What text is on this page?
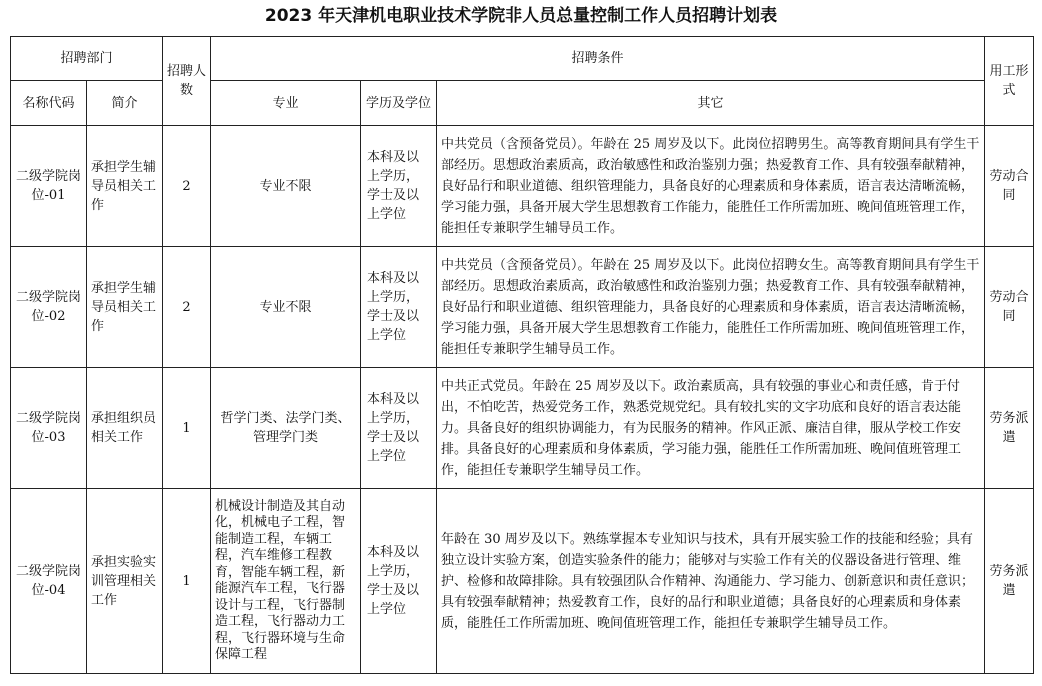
2023 年天津机电职业技术学院非人员总量控制工作人员招聘计划表
招聘部门		招聘人数	招聘条件			用工形式
名称代码	简介		专业	学历及学位	其它	
二级学院岗位-01	承担学生辅导员相关工作	2	专业不限	本科及以上学历，学士及以上学位	中共党员（含预备党员）。年龄在 25 周岁及以下。此岗位招聘男生。高等教育期间具有学生干部经历。思想政治素质高，政治敏感性和政治鉴别力强；热爱教育工作、具有较强奉献精神，良好品行和职业道德、组织管理能力，具备良好的心理素质和身体素质，语言表达清晰流畅，学习能力强，具备开展大学生思想教育工作能力，能胜任工作所需加班、晚间值班管理工作，能担任专兼职学生辅导员工作。	劳动合同
二级学院岗位-02	承担学生辅导员相关工作	2	专业不限	本科及以上学历，学士及以上学位	中共党员（含预备党员）。年龄在 25 周岁及以下。此岗位招聘女生。高等教育期间具有学生干部经历。思想政治素质高，政治敏感性和政治鉴别力强；热爱教育工作、具有较强奉献精神，良好品行和职业道德、组织管理能力，具备良好的心理素质和身体素质，语言表达清晰流畅，学习能力强，具备开展大学生思想教育工作能力，能胜任工作所需加班、晚间值班管理工作，能担任专兼职学生辅导员工作。	劳动合同
二级学院岗位-03	承担组织员相关工作	1	哲学门类、法学门类、管理学门类	本科及以上学历，学士及以上学位	中共正式党员。年龄在 25 周岁及以下。政治素质高，具有较强的事业心和责任感，肯于付出，不怕吃苦，热爱党务工作，熟悉党规党纪。具有较扎实的文字功底和良好的语言表达能力。具备良好的组织协调能力，有为民服务的精神。作风正派、廉洁自律，服从学校工作安排。具备良好的心理素质和身体素质，学习能力强，能胜任工作所需加班、晚间值班管理工作，能担任专兼职学生辅导员工作。	劳务派遣
二级学院岗位-04	承担实验实训管理相关工作	1	机械设计制造及其自动化，机械电子工程，智能制造工程，车辆工程，汽车维修工程教育，智能车辆工程，新能源汽车工程，飞行器设计与工程，飞行器制造工程，飞行器动力工程，飞行器环境与生命保障工程	本科及以上学历，学士及以上学位	年龄在 30 周岁及以下。熟练掌握本专业知识与技术，具有开展实验工作的技能和经验；具有独立设计实验方案，创造实验条件的能力；能够对与实验工作有关的仪器设备进行管理、维护、检修和故障排除。具有较强团队合作精神、沟通能力、学习能力、创新意识和责任意识；具有较强奉献精神；热爱教育工作，良好的品行和职业道德；具备良好的心理素质和身体素质，能胜任工作所需加班、晚间值班管理工作，能担任专兼职学生辅导员工作。	劳务派遣
